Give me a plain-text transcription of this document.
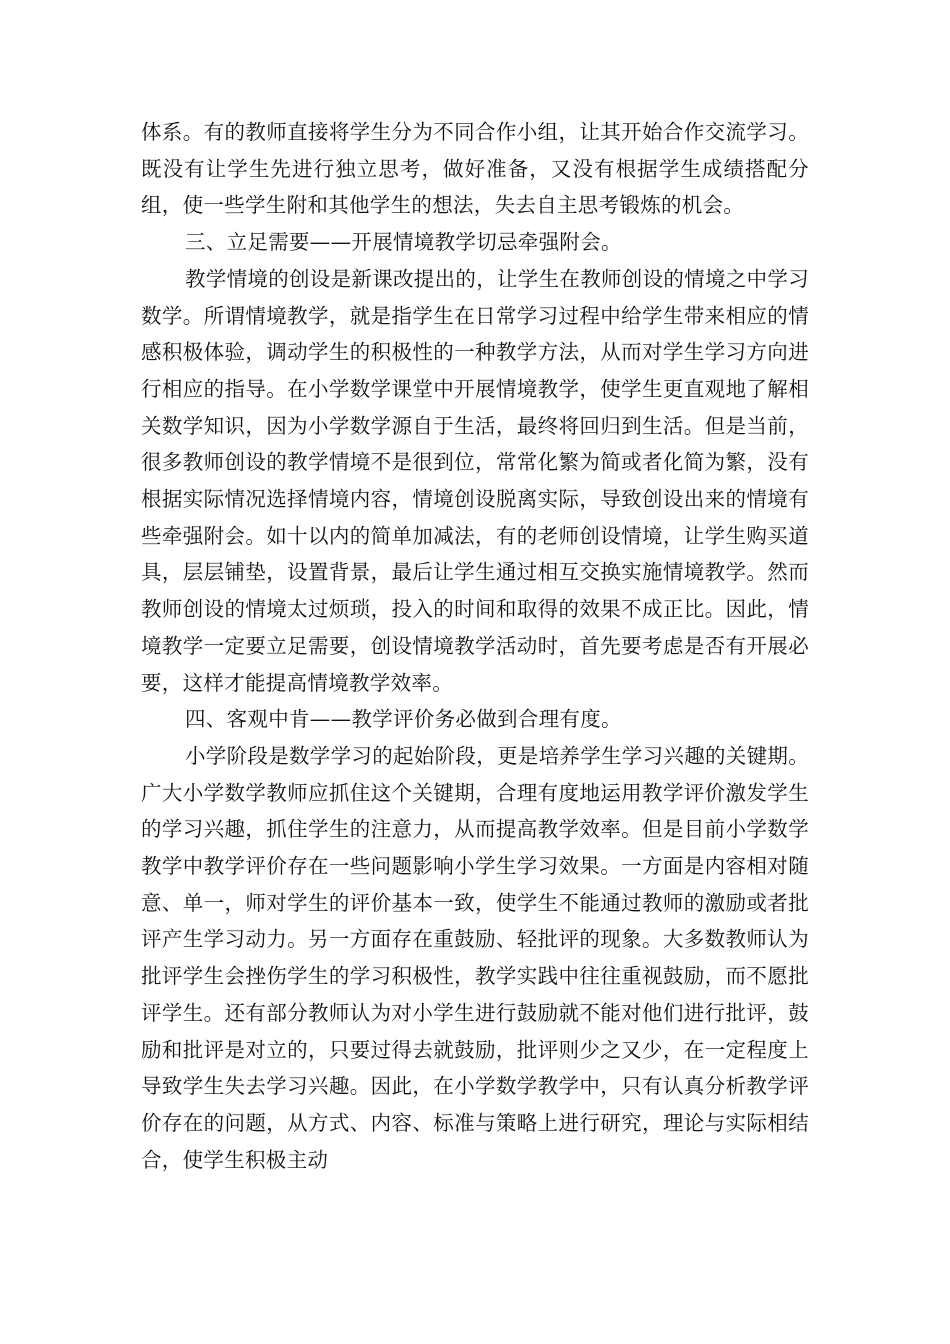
体系。有的教师直接将学生分为不同合作小组，让其开始合作交流学习。既没有让学生先进行独立思考，做好准备，又没有根据学生成绩搭配分组，使一些学生附和其他学生的想法，失去自主思考锻炼的机会。

三、立足需要——开展情境教学切忌牵强附会。

教学情境的创设是新课改提出的，让学生在教师创设的情境之中学习数学。所谓情境教学，就是指学生在日常学习过程中给学生带来相应的情感积极体验，调动学生的积极性的一种教学方法，从而对学生学习方向进行相应的指导。在小学数学课堂中开展情境教学，使学生更直观地了解相关数学知识，因为小学数学源自于生活，最终将回归到生活。但是当前，很多教师创设的教学情境不是很到位，常常化繁为简或者化简为繁，没有根据实际情况选择情境内容，情境创设脱离实际，导致创设出来的情境有些牵强附会。如十以内的简单加减法，有的老师创设情境，让学生购买道具，层层铺垫，设置背景，最后让学生通过相互交换实施情境教学。然而教师创设的情境太过烦琐，投入的时间和取得的效果不成正比。因此，情境教学一定要立足需要，创设情境教学活动时，首先要考虑是否有开展必要，这样才能提高情境教学效率。

四、客观中肯——教学评价务必做到合理有度。

小学阶段是数学学习的起始阶段，更是培养学生学习兴趣的关键期。广大小学数学教师应抓住这个关键期，合理有度地运用教学评价激发学生的学习兴趣，抓住学生的注意力，从而提高教学效率。但是目前小学数学教学中教学评价存在一些问题影响小学生学习效果。一方面是内容相对随意、单一，师对学生的评价基本一致，使学生不能通过教师的激励或者批评产生学习动力。另一方面存在重鼓励、轻批评的现象。大多数教师认为批评学生会挫伤学生的学习积极性，教学实践中往往重视鼓励，而不愿批评学生。还有部分教师认为对小学生进行鼓励就不能对他们进行批评，鼓励和批评是对立的，只要过得去就鼓励，批评则少之又少，在一定程度上导致学生失去学习兴趣。因此，在小学数学教学中，只有认真分析教学评价存在的问题，从方式、内容、标准与策略上进行研究，理论与实际相结合，使学生积极主动
